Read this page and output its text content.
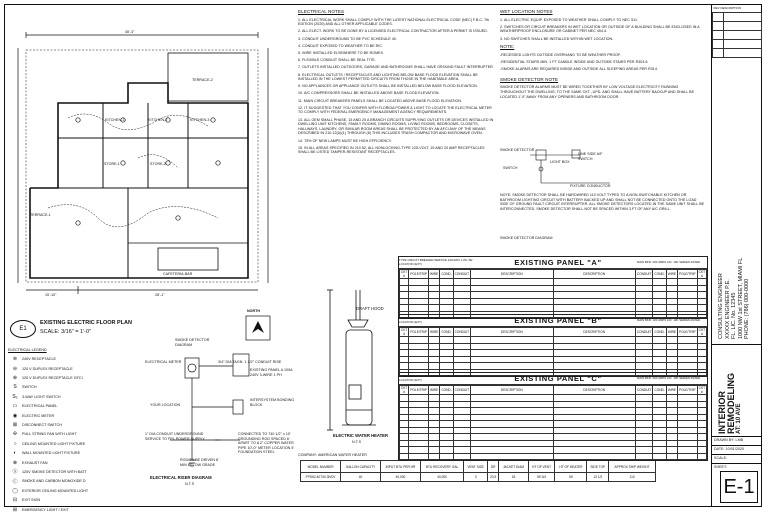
45'-3"
15'-10"	28'-1"
TERRACE-1
KITCHEN-1	KITCHEN-2	KITCHEN-3
STORE-1	STORE-2
TERRACE-2
CAFETERIA-BAR
E1
EXISTING ELECTRIC FLOOR PLAN
SCALE: 3/16" = 1'-0"
NORTH
ELECTRICAL LEGEND
⊜	240V RECEPTACLE
⊖	120 V DUPLEX RECEPTACLE
⊕	120 V DUPLEX RECEPTACLE GFCI
S	SWITCH
S₃	3-WAY LIGHT SWITCH
▭	ELECTRICAL PANEL
◉	ELECTRIC METER
⊠	DISCONNECT SWITCH
✣	PULL STRING FAN WITH LIGHT
○	CEILING MOUNTED LIGHT FIXTURE
◐	WALL MOUNTED LIGHT FIXTURE
⊗	EXHAUST FAN
Ⓢ	120V SMOKE DETECTOR WITH BATT
Ⓒ	SMOKE AND CARBON MONOXIDE D
◯	EXTERIOR CEILING MOUNTED LIGHT
⊟	EXIT SIGN
⊞	EMERGENCY LIGHT / EXIT
ELECTRICAL METER
SMOKE DETECTOR DIAGRAM
3/4" DIA TAGN. 1 1/2" CONDUIT RISE
EXISTING PANEL A 100A 240V 3-WIRE 1 PH
YOUR LOCATION
INTERSYSTEM BONDING BLOCK
1" DIA CONDUIT UNDERGROUND SERVICE TO FPL POWER SUPPLY
ROD TO BE DRIVEN 8' MIN BELOW GRADE
CONNECTED TO 740 1/2" x 10' GROUNDING ROD SPACED 6' APART TO A 2" COPPER WATER PIPE 10'-0" METER LOCATION 5' FOUNDATION STEEL
ELECTRICAL RISER DIAGRAM
N.T.S
DRAFT HOOD
ELECTRIC WATER HEATER
N.T.S
COMPANY: AMERICAN WATER HEATER
MODEL NUMBER	GALLON CAPACITY	INPUT BTU PER HR	BTU RECOVERY GAL	VENT SIZE	DR	JACKET DIAM	HT OF VENT	HT OF HEATER	SIDE TOP	APPROX SHIP WEIGHT
FPD62-40T40-3NOV	40	40,000	40,000	3	23.5	18	59 3/4	55	13 1/2	110
ELECTRICAL NOTES

1. ALL ELECTRICAL WORK SHALL COMPLY WITH THE LATEST NATIONAL ELECTRICAL CODE (NEC) F.B.C. 7th EDITION (2020) AND ALL OTHER APPLICABLE CODES.

2. ALL ELECT. WORK TO BE DONE BY A LICENSED ELECTRICAL CONTRACTOR AFTER A PERMIT IS ISSUED.

3. CONDUIT UNDERGROUND TO BE PVC SCHEDULE 40.

4. CONDUIT EXPOSED TO WEATHER TO BE RIC.

5. WIRE INSTALLED ELSEWHERE TO BE ROMEX.

6. FLEXIBLE CONDUIT SHALL BE SEAL TITE.

7. OUTLETS INSTALLED OUTDOORS, GARAGE AND BATHROOMS SHALL HAVE GROUND FAULT INTERRUPTER.

8. ELECTRICAL OUTLETS / RECEPTACLES AND LIGHTING BELOW BASE FLOOD ELEVATION SHALL BE INSTALLED IN THE LOWEST PERMITTED CIRCUITS FROM THOSE IN THE HABITABLE AREA.

9. NO APPLIANCES OR APPLIANCE OUTLETS SHALL BE INSTALLED BELOW BASE FLOOD ELEVATION.

10. A/C COMPRESSORS SHALL BE INSTALLED ABOVE BASE FLOOD ELEVATION.

11. MAIN CIRCUIT BREAKERS PANELS SHALL BE LOCATED ABOVE BASE FLOOD ELEVATION.

12. IT SUGGESTED THAT YOU CONFER WITH FLORIDA POWER & LIGHT TO LOCATE THE ELECTRICAL METER TO COMPLY WITH FEDERAL EMERGENCY MANAGEMENT AGENCY REQUIREMENTS.

13. ALL OEM SMALL PHASE, 15 AND 20 A BRANCH CIRCUITS SUPPLYING OUTLETS OR DEVICES INSTALLED IN DWELLING UNIT KITCHENS, FAMILY ROOMS, DINING ROOMS, LIVING ROOMS, BEDROOMS, CLOSETS, HALLWAYS, LAUNDRY, OR SIMILAR ROOM AREAS SHALL BE PROTECTED BY AN AFCI ANY OF THE MEANS DESCRIBED IN 210.12(A)(1) THROUGH (6) THIS INCLUDES TRASH COMPACTOR AND MICROWAVE OVEN.

14. 75% OF NEW LAMPS MUST BE HIGH EFFICIENCY.

15. IN ALL AREAS SPECIFIED IN 210.52, ALL NONLOCKING-TYPE 125-VOLT, 15 AND 20 AMP RECEPTACLES SHALL BE LISTED TAMPER-RESISTANT RECEPTACLES.

WET LOCATION NOTES

1. ALL ELECTRIC EQUIP. EXPOSED TO WEATHER SHALL COMPLY TO NEC 511.

2. SWITCHES OR CIRCUIT BREAKERS IN WET LOCATION OR OUTSIDE OF A BUILDING SHALL BE ENCLOSED IN A WEATHERPROOF ENCLOSURE OR CABINET PER NEC 404.4.

3. NO SWITCHES SHALL BE INSTALLED WITHIN WET LOCATION.

NOTE:

-RECESSED LIGHTS OUTSIDE OVERHANG TO BE WEATHER PROOF.

-RESIDENTIAL STAIRS MIN. 1 FT CANDLE INSIDE AND OUTSIDE STAIRS PER R303.6

-SMOKE ALARMS ARE REQUIRED INSIDE AND OUTSIDE ALL SLEEPING AREAS PER R314.

SMOKE DETECTOR NOTE

SMOKE DETECTOR ALARMS MUST BE WIRED TOGETHER BY LOW VOLTAGE ELECTRICITY RUNNING THROUGHOUT THE DWELLING, TO THE SAME CKT., UPD. AND SHALL HAVE BATTERY BACKUP AND SHALL BE LOCATED 1'-0" AWAY FROM ANY OPENERS AND BATHROOM DOOR.

SMOKE DETECTOR
SWITCH
LIGHT BOX
LINE SIDE A/F SWITCH
FIXTURE CONDUCTOR
NOTE: SMOKE DETECTOR SHALL BE HARDWIRED 110 VOLT TYPED TO A NON-SWITCHABLE KITCHEN OR BATHROOM LIGHTING CIRCUIT WITH BATTERY BACKED UP AND SHALL NOT BE CONNECTED ONTO THE LOAD SIDE OF GROUND FAULT CIRCUIT INTERRUPTER. ALL SMOKE DETECTORS LOCATED IN THE SAME UNIT SHALL BE INTERCONNECTED. SMOKE DETECTOR SHALL NOT BE SPACED WITHIN 3 FT OF ANY A/C GRILL.
SMOKE DETECTOR DIAGRAM
TYPE CIRCUIT BREAKER SERVICE 240/120V 1 PH 3W LOCATION (EXT)	EXISTING PANEL "A"	MAIN BKR: 200 AMPS AIC: 10K SERIES RATED
CKT #	POLE/TRIP	WIRE	COND.	CONDUIT	DESCRIPTION	DESCRIPTION	CONDUIT	COND.	WIRE	POLE/TRIP	CKT #

TYPE CIRCUIT BREAKER SERVICE 240/120V 1 PH 3W LOCATION (EXT)	EXISTING PANEL "B"	MAIN BKR: 100 AMPS AIC: 10K SERIES RATED
CKT #	POLE/TRIP	WIRE	COND.	CONDUIT	DESCRIPTION	DESCRIPTION	CONDUIT	COND.	WIRE	POLE/TRIP	CKT #

TYPE CIRCUIT BREAKER SERVICE 240/120V 1 PH 3W LOCATION (EXT)	EXISTING PANEL "C"	MAIN BKR: 200 AMPS AIC: 10K SERIES RATED
CKT #	POLE/TRIP	WIRE	COND.	CONDUIT	DESCRIPTION	DESCRIPTION	CONDUIT	COND.	WIRE	POLE/TRIP	CKT #

REV DESCRIPTION	

CONSULTING ENGINEER XXXXX ENGINEER P.E. FL. LIC. No. 12345 1000 NW 1st STREET, MIAMI FL PHONE: (786) 000-0000
INTERIOR REMODELING AT: 10 AVE
DRAWN BY: LMB
DATE: 10/01/2020
SCALE:
SHEET:
E-1
